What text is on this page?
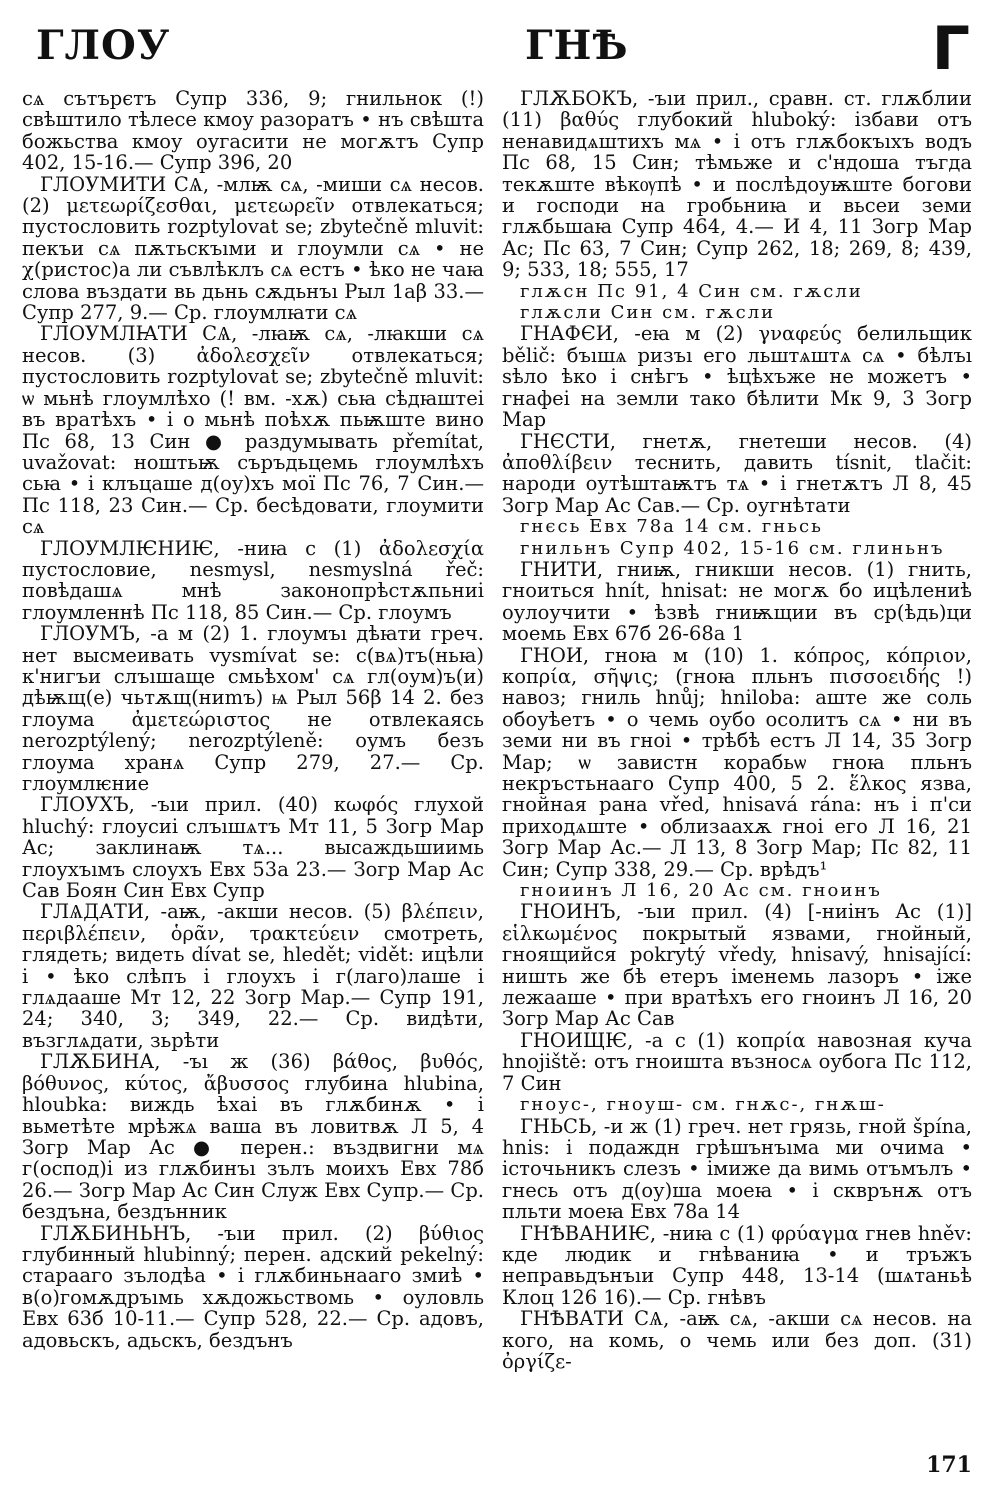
ГЛОУ	ГНѢ	Г

сѧ сътърєтъ Супр 336, 9; гнильнок (!) свѣштило тѣлесе кмоу разоратъ • нъ свѣшта божьства кмоу оугасити не могѫтъ Супр 402, 15-16.— Супр 396, 20

ГЛОУМИТИ СѦ, -млѭ сѧ, -миши сѧ несов. (2) μετεωρίζεσθαι, μετεωρεῖν отвлекаться; пустословить rozptylovat se; zbytečně mluvit: пекъи сѧ пѫтьскъıми и глоумли сѧ • не χ(ристос)а ли съвлѣклъ сѧ естъ • ѣко не чаꙗ слова въздати вь дьнь сѫдьнъı Рыл 1аβ 33.— Супр 277, 9.— Ср. глоумлꙗти сѧ

ГЛОУМЛꙖТИ СѦ, -лꙗѭ сѧ, -лꙗкши сѧ несов. (3) ἀδολεσχεῖν отвлекаться; пустословить rozptylovat se; zbytečně mluvit: ѡ мьнѣ глоумлѣхо (! вм. -хѫ) сьꙗ сѣдꙗштеі въ вратѣхъ • і о мьнѣ поѣхѫ пьѭште вино Пс 68, 13 Син ● раздумывать přemítat, uvažovat: ноштьѭ съръдьцемь глоумлѣхъ сьꙗ • і клъцаше д(оу)хъ мої Пс 76, 7 Син.— Пс 118, 23 Син.— Ср. бесѣдовати, глоумити сѧ

ГЛОУМЛѤНИѤ, -ниꙗ с (1) ἀδολεσχία пустословие, nesmysl, nesmyslná řeč: повѣдашѧ мнѣ законопрѣстѫпьниі глоумленнѣ Пс 118, 85 Син.— Ср. глоумъ

ГЛОУМЪ, -а м (2) 1. глоумъı дѣꙗти греч. нет высмеивать vysmívat se: с(вѧ)тъ(ньꙗ) к'нигъи слъıшаще смьѣхом' сѧ гл(оум)ъ(и) дѣѭщ(е) чьтѫщ(ниmъ) ѩ Рыл 56β 14 2. без глоума ἀμετεώριστος не отвлекаясь nerozptýlený; nerozptýleně: оумъ безъ глоума хранѧ Супр 279, 27.— Ср. глоумлѥние

ГЛОУХЪ, -ъıи прил. (40) κωφός глухой hluchý: глоусиі слъıшѧтъ Мт 11, 5 Зогр Мар Ас; заклинаѭ тѧ... высаждьшиимь глоухъıмъ слоухъ Евх 53а 23.— Зогр Мар Ас Сав Боян Син Евх Супр

ГЛѦДАТИ, -аѭ, -акши несов. (5) βλέπειν, περιβλέπειν, ὁρᾶν, τρακτεύειν смотреть, глядеть; видеть dívat se, hledět; vidět: ицѣли і • ѣко слѣпъ і глоухъ і г(лаго)лаше і глѧдааше Мт 12, 22 Зогр Мар.— Супр 191, 24; 340, 3; 349, 22.— Ср. видѣти, възглѧдати, зьрѣти

ГЛѪБИНА, -ъı ж (36) βάθος, βυθός, βόθυνος, κύτος, ἄβυσσος глубина hlubina, hloubka: виждь ѣхаі въ глѫбинѫ • і вьметѣте мрѣжѧ ваша въ ловитвѫ Л 5, 4 Зогр Мар Ас ● перен.: въздвигни мѧ г(оспод)і из глѫбинъı зълъ моихъ Евх 78б 26.— Зогр Мар Ас Син Служ Евх Супр.— Ср. бездъна, бездънник

ГЛѪБИНЬНЪ, -ъıи прил. (2) βύθιος глубинный hlubinný; перен. адский pekelný: старааго зълодѣа • і глѫбиньнааго змиѣ • в(о)гомѫдръıмь хѫдожьствомь • оуловль Евх 63б 10-11.— Супр 528, 22.— Ср. адовъ, адовьскъ, адьскъ, бездънъ

ГЛѪБОКЪ, -ъıи прил., сравн. ст. глѫблии (11) βαθύς глубокий hluboký: ізбави отъ ненавидѧштихъ мѧ • і отъ глѫбокъıхъ водъ Пс 68, 15 Син; тѣмьже и с'ндоша тъгда текѫште вѣкѹпѣ • и послѣдоуѭште богови и господи на гробьниꙗ и вьсеи земи глѫбьшаꙗ Супр 464, 4.— И 4, 11 Зогр Мар Ас; Пс 63, 7 Син; Супр 262, 18; 269, 8; 439, 9; 533, 18; 555, 17

глѫсн Пс 91, 4 Син см. гѫсли

глѫсли Син см. гѫсли

ГНАФЄИ, -еꙗ м (2) γναφεύς белильщик bělič: бъıшѧ ризъı его льштѧштѧ сѧ • бѣлъı ѕѣло ѣко і снѣгъ • ѣцѣхъже не можетъ • гнафеі на земли тако бѣлити Мк 9, 3 Зогр Мар

ГНЄСТИ, гнетѫ, гнетеши несов. (4) ἀποθλίβειν теснить, давить tísnit, tlačit: народи оутѣштаѭтъ тѧ • і гнетѫтъ Л 8, 45 Зогр Мар Ас Сав.— Ср. оугнѣтати

гнєсь Евх 78а 14 см. гньсь

гнильнъ Супр 402, 15-16 см. глиньнъ

ГНИТИ, гниѭ, гникши несов. (1) гнить, гноиться hnít, hnisat: не могѫ бо ицѣлениѣ оулоучити • ѣзвѣ гниѭщии въ ср(ѣдь)ци моемь Евх 67б 26-68а 1

ГНОИ, гноꙗ м (10) 1. κόπρος, κόπριον, κοπρία, σῆψις; (гноꙗ пльнъ πισσοειδής !) навоз; гниль hnůj; hniloba: аште же соль обоуѣетъ • о чемь оубо осолитъ сѧ • ни въ земи ни въ гноі • трѣбѣ естъ Л 14, 35 Зогр Мар; ѡ завистн корабьѡ гноꙗ пльнъ некръстьнааго Супр 400, 5 2. ἕλκος язва, гнойная рана vřed, hnisavá rána: нъ і п'си приходѧште • облизаахѫ гноі его Л 16, 21 Зогр Мар Ас.— Л 13, 8 Зогр Мар; Пс 82, 11 Син; Супр 338, 29.— Ср. врѣдъ¹

гноиинъ Л 16, 20 Ас см. гноинъ

ГНОИНЪ, -ъıи прил. (4) [-ниінъ Ас (1)] εἱλκωμένος покрытый язвами, гнойный, гноящийся pokrytý vředy, hnisavý, hnisající: ништь же бѣ етеръ іменемь лазоръ • іже лежааше • при вратѣхъ его гноинъ Л 16, 20 Зогр Мар Ас Сав

ГНОИЩѤ, -а с (1) κοπρία навозная куча hnojiště: отъ гноишта възносѧ оубога Пс 112, 7 Син

гноус-, гноуш- см. гнѫс-, гнѫш-

ГНЬСЬ, -и ж (1) греч. нет грязь, гной špína, hnis: і подаждн грѣшънъıма ми очима • істочьникъ слезъ • імиже да вимь отъмълъ • гнесь отъ д(оу)ша моеꙗ • і скврънѫ отъ пльти моеꙗ Евх 78а 14

ГНѢВАНИѤ, -ниꙗ с (1) φρύαγμα гнев hněv: кде людик и гнѣваниꙗ • и тръжъ неправьдънъıи Супр 448, 13-14 (шѧтаньѣ Клоц 126 16).— Ср. гнѣвъ

ГНѢВАТИ СѦ, -аѭ сѧ, -акши сѧ несов. на кого, на комь, о чемь или без доп. (31) ὀργίζε-

171
